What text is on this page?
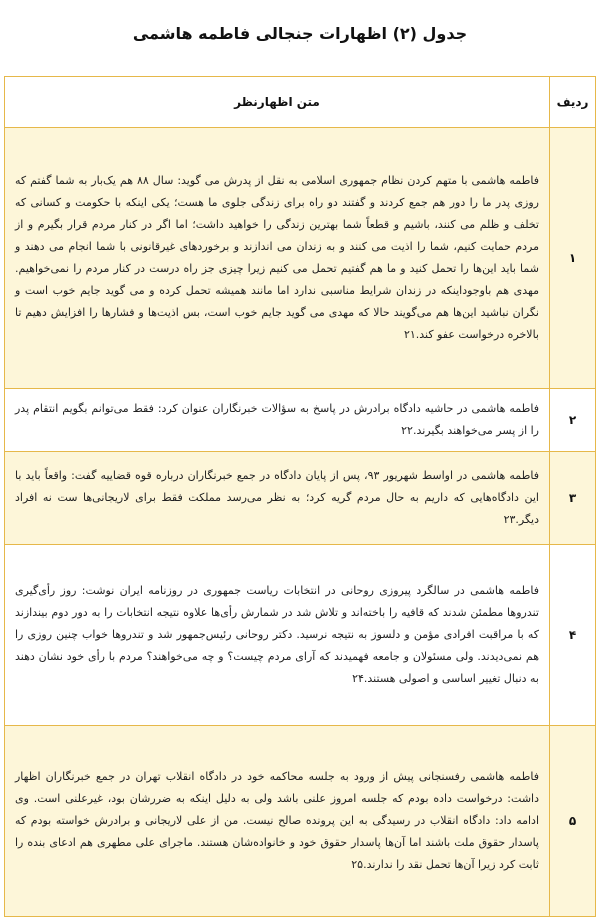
جدول (۲) اظهارات جنجالی فاطمه هاشمی
ردیف	متن اظهارنظر
۱	فاطمه هاشمی با متهم کردن نظام جمهوری اسلامی به نقل از پدرش می گوید: سال ۸۸ هم یک‌بار به شما گفتم که روزی پدر ما را دور هم جمع کردند و گفتند دو راه برای زندگی جلوی ما هست؛ یکی اینکه با حکومت و کسانی که تخلف و ظلم می کنند، باشیم و قطعاً شما بهترین زندگی را خواهید داشت؛ اما اگر در کنار مردم قرار بگیرم و از مردم حمایت کنیم، شما را اذیت می کنند و به زندان می اندازند و برخوردهای غیرقانونی با شما انجام می دهند و شما باید این‌ها را تحمل کنید و ما هم گفتیم تحمل می کنیم زیرا چیزی جز راه درست در کنار مردم را نمی‌خواهیم. مهدی هم باوجوداینکه در زندان شرایط مناسبی ندارد اما مانند همیشه تحمل کرده و می گوید جایم خوب است و نگران نباشید این‌ها هم می‌گویند حالا که مهدی می گوید جایم خوب است، بس اذیت‌ها و فشارها را افزایش دهیم تا بالاخره درخواست عفو کند.۲۱
۲	فاطمه هاشمی در حاشیه دادگاه برادرش در پاسخ به سؤالات خبرنگاران عنوان کرد: فقط می‌توانم بگویم انتقام پدر را از پسر می‌خواهند بگیرند.۲۲
۳	فاطمه هاشمی در اواسط شهریور ۹۳، پس از پایان دادگاه در جمع خبرنگاران درباره قوه قضاییه گفت: واقعاً باید با این دادگاه‌هایی که داریم به حال مردم گریه کرد؛ به نظر می‌رسد مملکت فقط برای لاریجانی‌ها ست نه افراد دیگر.۲۳
۴	فاطمه هاشمی در سالگرد پیروزی روحانی در انتخابات ریاست جمهوری در روزنامه ایران نوشت: روز رأی‌گیری تندروها مطمئن شدند که قافیه را باخته‌اند و تلاش شد در شمارش رأی‌ها علاوه نتیجه انتخابات را به دور دوم بیندازند که با مراقبت افرادی مؤمن و دلسوز به نتیجه نرسید. دکتر روحانی رئیس‌جمهور شد و تندروها خواب چنین روزی را هم نمی‌دیدند. ولی مسئولان و جامعه فهمیدند که آرای مردم چیست؟ و چه می‌خواهند؟ مردم با رأی خود نشان دهند به دنبال تغییر اساسی و اصولی هستند.۲۴
۵	فاطمه هاشمی رفسنجانی پیش از ورود به جلسه محاکمه خود در دادگاه انقلاب تهران در جمع خبرنگاران اظهار داشت: درخواست داده بودم که جلسه امروز علنی باشد ولی به دلیل اینکه به ضررشان بود، غیرعلنی است. وی ادامه داد: دادگاه انقلاب در رسیدگی به این پرونده صالح نیست. من از علی لاریجانی و برادرش خواسته بودم که پاسدار حقوق ملت باشند اما آن‌ها پاسدار حقوق خود و خانواده‌شان هستند. ماجرای علی مطهری هم ادعای بنده را ثابت کرد زیرا آن‌ها تحمل نقد را ندارند.۲۵
